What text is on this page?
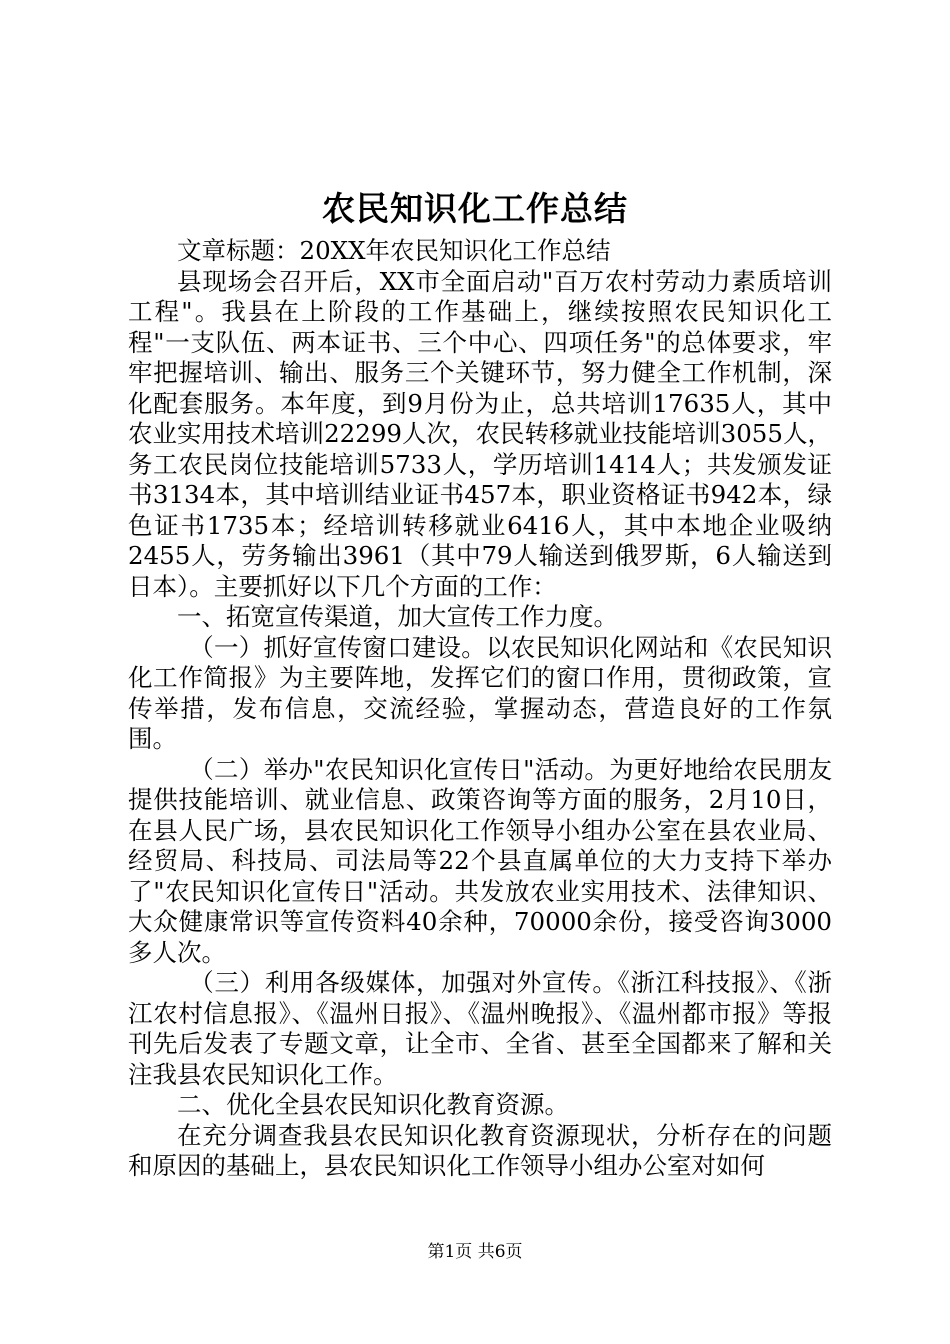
农民知识化工作总结

文章标题：20XX年农民知识化工作总结

县现场会召开后，XX市全面启动"百万农村劳动力素质培训工程"。我县在上阶段的工作基础上，继续按照农民知识化工程"一支队伍、两本证书、三个中心、四项任务"的总体要求，牢牢把握培训、输出、服务三个关键环节，努力健全工作机制，深化配套服务。本年度，到9月份为止，总共培训17635人，其中农业实用技术培训22299人次，农民转移就业技能培训3055人，务工农民岗位技能培训5733人，学历培训1414人；共发颁发证书3134本，其中培训结业证书457本，职业资格证书942本，绿色证书1735本；经培训转移就业6416人，其中本地企业吸纳2455人，劳务输出3961（其中79人输送到俄罗斯，6人输送到日本）。主要抓好以下几个方面的工作：

一、拓宽宣传渠道，加大宣传工作力度。

（一）抓好宣传窗口建设。以农民知识化网站和《农民知识化工作简报》为主要阵地，发挥它们的窗口作用，贯彻政策，宣传举措，发布信息，交流经验，掌握动态，营造良好的工作氛围。

（二）举办"农民知识化宣传日"活动。为更好地给农民朋友提供技能培训、就业信息、政策咨询等方面的服务，2月10日，在县人民广场，县农民知识化工作领导小组办公室在县农业局、经贸局、科技局、司法局等22个县直属单位的大力支持下举办了"农民知识化宣传日"活动。共发放农业实用技术、法律知识、大众健康常识等宣传资料40余种，70000余份，接受咨询3000多人次。

（三）利用各级媒体，加强对外宣传。《浙江科技报》、《浙江农村信息报》、《温州日报》、《温州晚报》、《温州都市报》等报刊先后发表了专题文章，让全市、全省、甚至全国都来了解和关注我县农民知识化工作。

二、优化全县农民知识化教育资源。

在充分调查我县农民知识化教育资源现状，分析存在的问题和原因的基础上，县农民知识化工作领导小组办公室对如何

第1页 共6页
